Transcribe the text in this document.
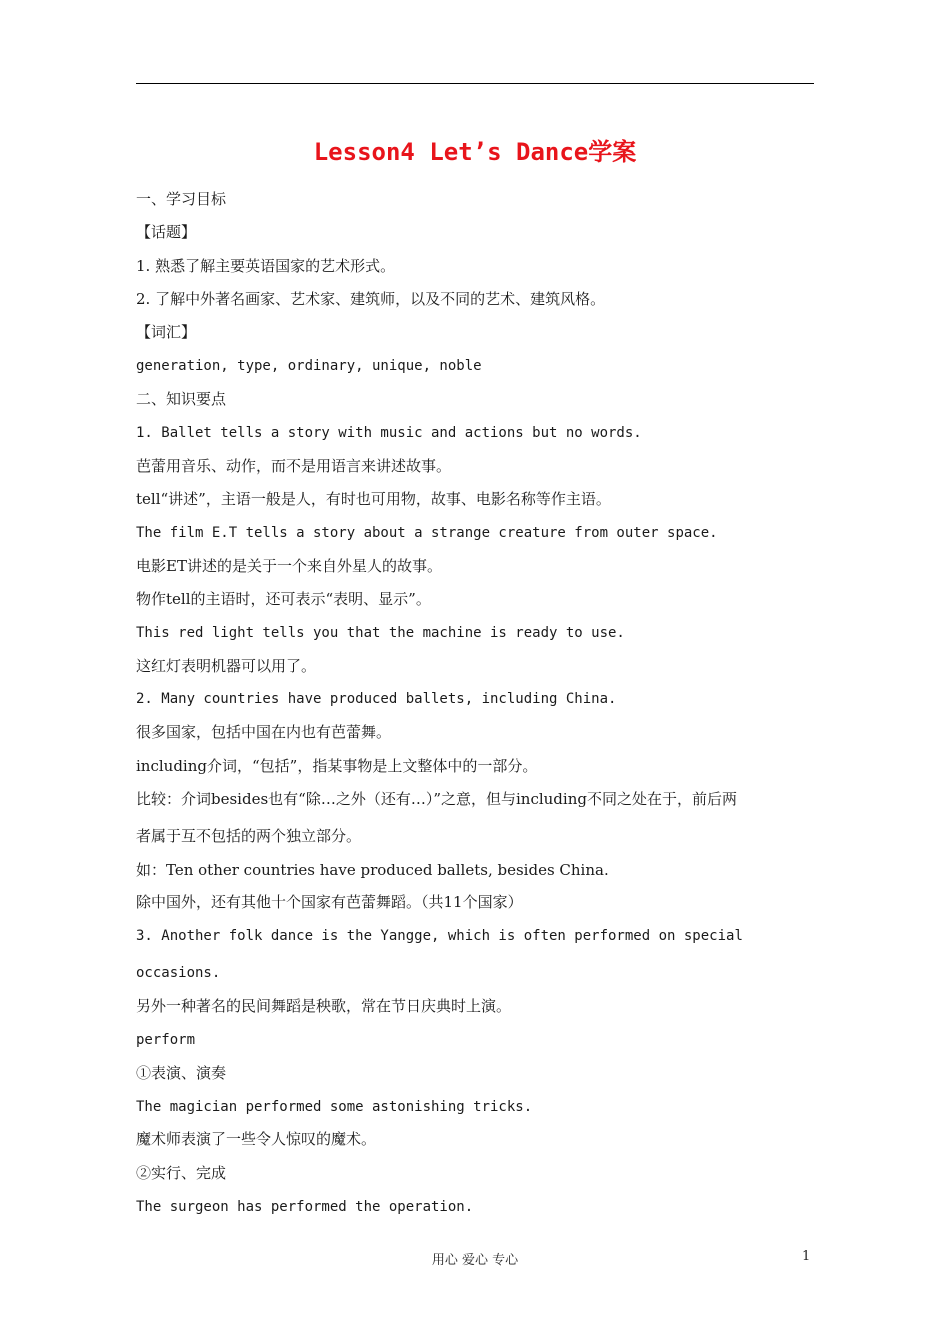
Lesson4 Let’s Dance学案
一、学习目标
【话题】
1. 熟悉了解主要英语国家的艺术形式。
2. 了解中外著名画家、艺术家、建筑师，以及不同的艺术、建筑风格。
【词汇】
generation, type, ordinary, unique, noble
二、知识要点
1. Ballet tells a story with music and actions but no words.
芭蕾用音乐、动作，而不是用语言来讲述故事。
tell“讲述”，主语一般是人，有时也可用物，故事、电影名称等作主语。
The film E.T tells a story about a strange creature from outer space.
电影ET讲述的是关于一个来自外星人的故事。
物作tell的主语时，还可表示“表明、显示”。
This red light tells you that the machine is ready to use.
这红灯表明机器可以用了。
2. Many countries have produced ballets, including China.
很多国家，包括中国在内也有芭蕾舞。
including介词，“包括”，指某事物是上文整体中的一部分。
比较：介词besides也有“除…之外（还有…）”之意，但与including不同之处在于，前后两
者属于互不包括的两个独立部分。
如：Ten other countries have produced ballets, besides China.
除中国外，还有其他十个国家有芭蕾舞蹈。（共11个国家）
3. Another folk dance is the Yangge, which is often performed on special
occasions.
另外一种著名的民间舞蹈是秧歌，常在节日庆典时上演。
perform
①表演、演奏
The magician performed some astonishing tricks.
魔术师表演了一些令人惊叹的魔术。
②实行、完成
The surgeon has performed the operation.
用心 爱心 专心	1
